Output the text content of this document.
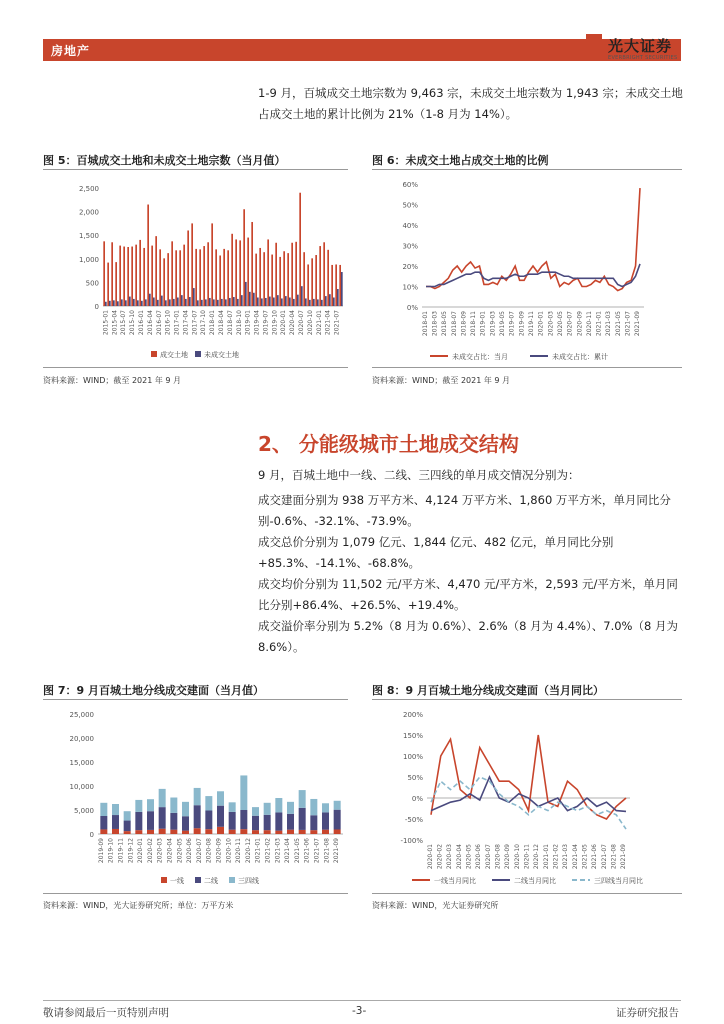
房地产	光大证券
EVERBRIGHT SECURITIES
1-9 月，百城成交土地宗数为 9,463 宗，未成交土地宗数为 1,943 宗；未成交土地占成交土地的累计比例为 21%（1-8 月为 14%）。
图 5：百城成交土地和未成交土地宗数（当月值）
2,500
2,000
1,500
1,000
500
0
2015-01 2015-04 2015-07 2015-10 2016-01 2016-04 2016-07 2016-10 2017-01 2017-04 2017-07 2017-10 2018-01 2018-04 2018-07 2018-10 2019-01 2019-04 2019-07 2019-10 2020-01 2020-04 2020-07 2020-10 2021-01 2021-04 2021-07
成交土地 未成交土地
资料来源：WIND；截至 2021 年 9 月
图 6：未成交土地占成交土地的比例
60%
50%
40%
30%
20%
10%
0%
2018-01 2018-03 2018-05 2018-07 2018-09 2018-11 2019-01 2019-03 2019-05 2019-07 2019-09 2019-11 2020-01 2020-03 2020-05 2020-07 2020-09 2020-11 2021-01 2021-03 2021-05 2021-07 2021-09
未成交占比：当月	未成交占比：累计
资料来源：WIND；截至 2021 年 9 月
2、 分能级城市土地成交结构
9 月，百城土地中一线、二线、三四线的单月成交情况分别为：
成交建面分别为 938 万平方米、4,124 万平方米、1,860 万平方米，单月同比分别-0.6%、-32.1%、-73.9%。
成交总价分别为 1,079 亿元、1,844 亿元、482 亿元，单月同比分别+85.3%、-14.1%、-68.8%。
成交均价分别为 11,502 元/平方米、4,470 元/平方米，2,593 元/平方米，单月同比分别+86.4%、+26.5%、+19.4%。
成交溢价率分别为 5.2%（8 月为 0.6%）、2.6%（8 月为 4.4%）、7.0%（8 月为 8.6%）。
图 7：9 月百城土地分线成交建面（当月值）
25,000
20,000
15,000
10,000
5,000
0
2019-09 2019-10 2019-11 2019-12 2020-01 2020-02 2020-03 2020-04 2020-05 2020-06 2020-07 2020-08 2020-09 2020-10 2020-11 2020-12 2021-01 2021-02 2021-03 2021-04 2021-05 2021-06 2021-07 2021-08 2021-09
一线	二线	三四线
资料来源：WIND，光大证券研究所；单位：万平方米
图 8：9 月百城土地分线成交建面（当月同比）
200%
150%
100%
50%
0%
-50%
-100%
2020-01 2020-02 2020-03 2020-04 2020-05 2020-06 2020-07 2020-08 2020-09 2020-10 2020-11 2020-12 2021-01 2021-02 2021-03 2021-04 2021-05 2021-06 2021-07 2021-08 2021-09
一线当月同比	二线当月同比	三四线当月同比
资料来源：WIND，光大证券研究所
敬请参阅最后一页特别声明	-3-	证券研究报告
